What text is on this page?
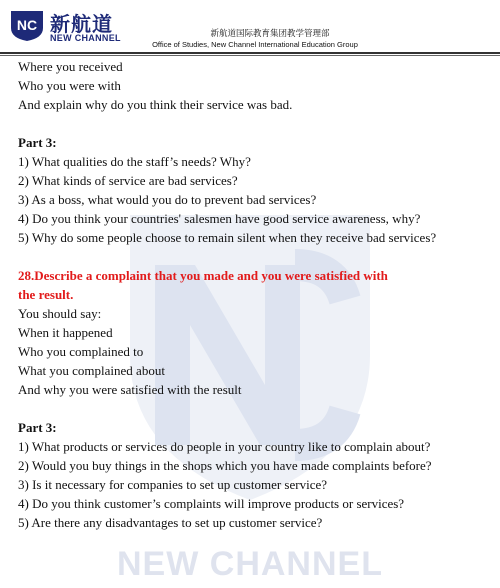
NEW CHANNEL
NC 新航道
NEW CHANNEL	新航道国际教育集团教学管理部
Office of Studies, New Channel International Education Group
Where you received
Who you were with
And explain why do you think their service was bad.
Part 3:
1) What qualities do the staff’s needs? Why?
2) What kinds of service are bad services?
3) As a boss, what would you do to prevent bad services?
4) Do you think your countries' salesmen have good service awareness, why?
5) Why do some people choose to remain silent when they receive bad services?
28.Describe a complaint that you made and you were satisfied with
the result.
You should say:
When it happened
Who you complained to
What you complained about
And why you were satisfied with the result
Part 3:
1) What products or services do people in your country like to complain about?
2) Would you buy things in the shops which you have made complaints before?
3) Is it necessary for companies to set up customer service?
4) Do you think customer’s complaints will improve products or services?
5) Are there any disadvantages to set up customer service?
